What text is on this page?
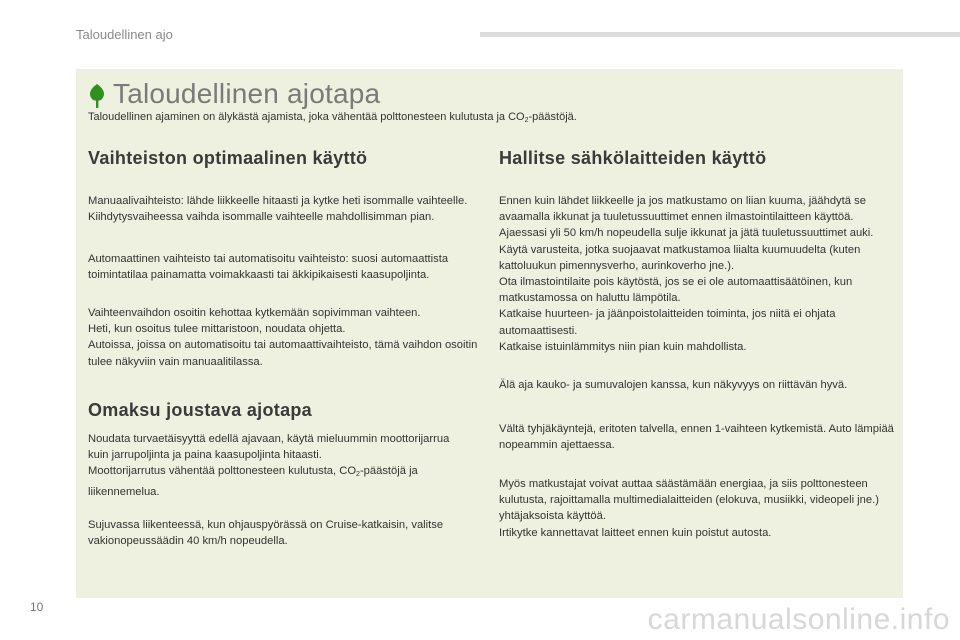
Taloudellinen ajo
Taloudellinen ajotapa
Taloudellinen ajaminen on älykästä ajamista, joka vähentää polttonesteen kulutusta ja $CO_2$-päästöjä.
Vaihteiston optimaalinen käyttö

Manuaalivaihteisto: lähde liikkeelle hitaasti ja kytke heti isommalle vaihteelle. Kiihdytysvaiheessa vaihda isommalle vaihteelle mahdollisimman pian.

Automaattinen vaihteisto tai automatisoitu vaihteisto: suosi automaattista toimintatilaa painamatta voimakkaasti tai äkkipikaisesti kaasupoljinta.

Vaihteenvaihdon osoitin kehottaa kytkemään sopivimman vaihteen.

Heti, kun osoitus tulee mittaristoon, noudata ohjetta.

Autoissa, joissa on automatisoitu tai automaattivaihteisto, tämä vaihdon osoitin tulee näkyviin vain manuaalitilassa.

Omaksu joustava ajotapa

Noudata turvaetäisyyttä edellä ajavaan, käytä mieluummin moottorijarrua kuin jarrupoljinta ja paina kaasupoljinta hitaasti.

Moottorijarrutus vähentää polttonesteen kulutusta, $CO_2$-päästöjä ja liikennemelua.

Sujuvassa liikenteessä, kun ohjauspyörässä on Cruise-katkaisin, valitse vakionopeussäädin 40 km/h nopeudella.

Hallitse sähkölaitteiden käyttö

Ennen kuin lähdet liikkeelle ja jos matkustamo on liian kuuma, jäähdytä se avaamalla ikkunat ja tuuletussuuttimet ennen ilmastointilaitteen käyttöä.

Ajaessasi yli 50 km/h nopeudella sulje ikkunat ja jätä tuuletussuuttimet auki.

Käytä varusteita, jotka suojaavat matkustamoa liialta kuumuudelta (kuten kattoluukun pimennysverho, aurinkoverho jne.).

Ota ilmastointilaite pois käytöstä, jos se ei ole automaattisäätöinen, kun matkustamossa on haluttu lämpötila.

Katkaise huurteen- ja jäänpoistolaitteiden toiminta, jos niitä ei ohjata automaattisesti.

Katkaise istuinlämmitys niin pian kuin mahdollista.

Älä aja kauko- ja sumuvalojen kanssa, kun näkyvyys on riittävän hyvä.

Vältä tyhjäkäyntejä, eritoten talvella, ennen 1-vaihteen kytkemistä. Auto lämpiää nopeammin ajettaessa.

Myös matkustajat voivat auttaa säästämään energiaa, ja siis polttonesteen kulutusta, rajoittamalla multimedialaitteiden (elokuva, musiikki, videopeli jne.) yhtäjaksoista käyttöä.

Irtikytke kannettavat laitteet ennen kuin poistut autosta.

10	carmanualsonline.info
